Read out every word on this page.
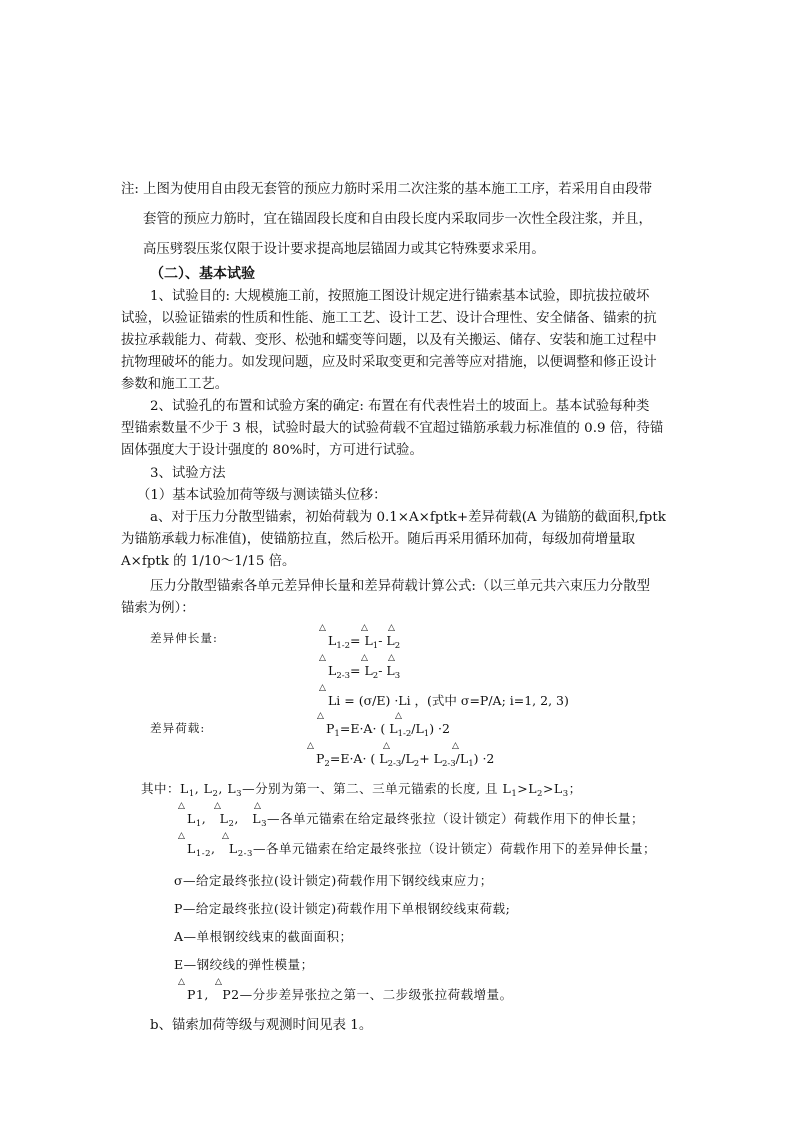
注: 上图为使用自由段无套管的预应力筋时采用二次注浆的基本施工工序，若采用自由段带
套管的预应力筋时，宜在锚固段长度和自由段长度内采取同步一次性全段注浆，并且，
高压劈裂压浆仅限于设计要求提高地层锚固力或其它特殊要求采用。
（二）、基本试验
1、试验目的: 大规模施工前，按照施工图设计规定进行锚索基本试验，即抗拔拉破坏
试验，以验证锚索的性质和性能、施工工艺、设计工艺、设计合理性、安全储备、锚索的抗
拔拉承载能力、荷载、变形、松弛和蠕变等问题，以及有关搬运、储存、安装和施工过程中
抗物理破坏的能力。如发现问题，应及时采取变更和完善等应对措施，以便调整和修正设计
参数和施工工艺。
2、试验孔的布置和试验方案的确定: 布置在有代表性岩土的坡面上。基本试验每种类
型锚索数量不少于 3 根，试验时最大的试验荷载不宜超过锚筋承载力标准值的 0.9 倍，待锚
固体强度大于设计强度的 80%时，方可进行试验。
3、试验方法
（1）基本试验加荷等级与测读锚头位移：
a、对于压力分散型锚索，初始荷载为 0.1×A×fptk+差异荷载(A 为锚筋的截面积,fptk
为锚筋承载力标准值)，使锚筋拉直，然后松开。随后再采用循环加荷，每级加荷增量取
A×fptk 的 1/10～1/15 倍。
压力分散型锚索各单元差异伸长量和差异荷载计算公式:（以三单元共六束压力分散型
锚索为例）：
差异伸长量:
△	△ △
$L_{1-2}= L_1-$ $L_2$
△	△ △
$L_{2-3}= L_2-$ $L_3$
△
Li = (σ/E) ·Li ，(式中 σ=P/A; i=1, 2, 3)
差异荷载:
△	△
$P_1=E\cdot A\cdot$ ( $L_{1-2}/L_1) \cdot 2$
△	△	△
$P_2=E\cdot A\cdot$ ( $L_{2-3}/L_2+ L_{2-3}/L_1) \cdot 2$
其中：$L_1$, $L_2$, $L_3—$分别为第一、第二、三单元锚索的长度, 且 $L_1>L_2>L_3$；
△	△	△
$L_1$,   $L_2$,   $L_3—$各单元锚索在给定最终张拉（设计锁定）荷载作用下的伸长量；
△	△
$L_{1-2}$,   $L_{2-3}—$各单元锚索在给定最终张拉（设计锁定）荷载作用下的差异伸长量；
σ—给定最终张拉(设计锁定)荷载作用下钢绞线束应力；
P—给定最终张拉(设计锁定)荷载作用下单根钢绞线束荷载;
A—单根钢绞线束的截面面积；
E—钢绞线的弹性模量；
△	△
P1,   P2—分步差异张拉之第一、二步级张拉荷载增量。
b、锚索加荷等级与观测时间见表 1。
